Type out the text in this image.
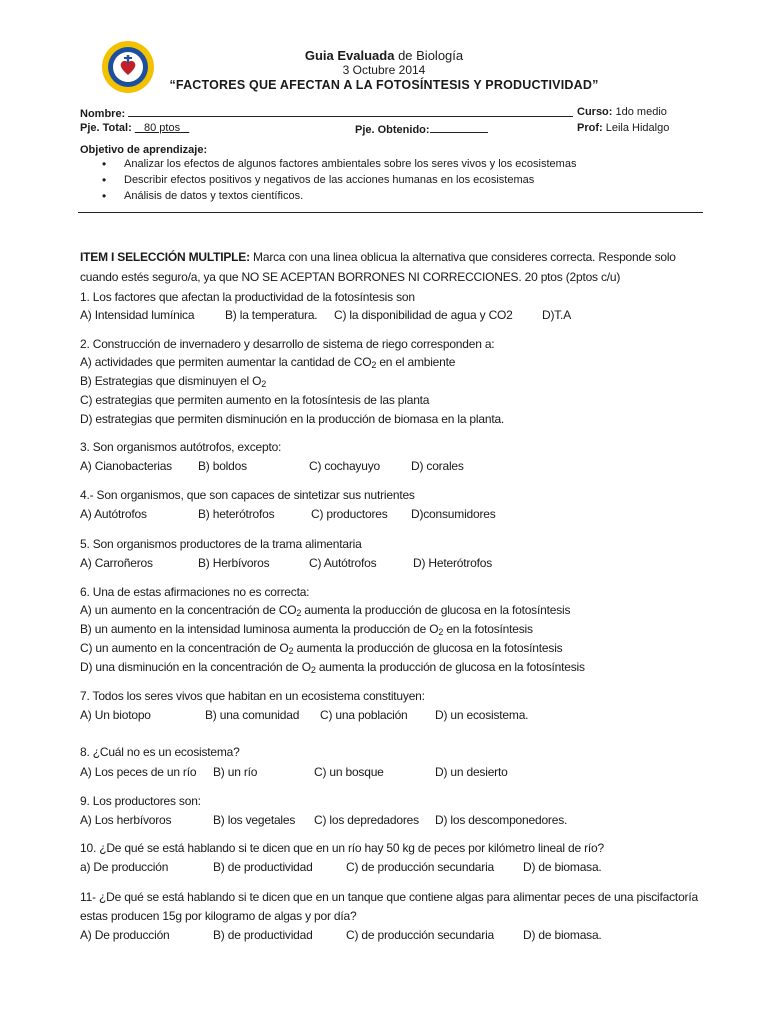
Guia Evaluada de Biología
3 Octubre 2014
“FACTORES QUE AFECTAN A LA FOTOSÍNTESIS Y PRODUCTIVIDAD”
Nombre:	Curso: 1do medio
Pje. Total: 80 ptos	Pje. Obtenido:	Prof: Leila Hidalgo
Objetivo de aprendizaje:
• Analizar los efectos de algunos factores ambientales sobre los seres vivos y los ecosistemas
• Describir efectos positivos y negativos de las acciones humanas en los ecosistemas
• Análisis de datos y textos científicos.
ITEM I SELECCIÓN MULTIPLE: Marca con una linea oblicua la alternativa que consideres correcta. Responde solo
cuando estés seguro/a, ya que NO SE ACEPTAN BORRONES NI CORRECCIONES. 20 ptos (2ptos c/u)
1. Los factores que afectan la productividad de la fotosíntesis son
A) Intensidad lumínica	B) la temperatura. C) la disponibilidad de agua y CO2 D)T.A
2. Construcción de invernadero y desarrollo de sistema de riego corresponden a:
A) actividades que permiten aumentar la cantidad de $CO_2$ en el ambiente
B) Estrategias que disminuyen el $O_2$
C) estrategias que permiten aumento en la fotosíntesis de las planta
D) estrategias que permiten disminución en la producción de biomasa en la planta.
3. Son organismos autótrofos, excepto:
A) Cianobacterias B) boldos	C) cochayuyo	D) corales
4.- Son organismos, que son capaces de sintetizar sus nutrientes
A) Autótrofos	B) heterótrofos	C) productores D)consumidores
5. Son organismos productores de la trama alimentaria
A) Carroñeros	B) Herbívoros	C) Autótrofos	D) Heterótrofos
6. Una de estas afirmaciones no es correcta:
A) un aumento en la concentración de $CO_2$ aumenta la producción de glucosa en la fotosíntesis
B) un aumento en la intensidad luminosa aumenta la producción de $O_2$ en la fotosíntesis
C) un aumento en la concentración de $O_2$ aumenta la producción de glucosa en la fotosíntesis
D) una disminución en la concentración de $O_2$ aumenta la producción de glucosa en la fotosíntesis
7. Todos los seres vivos que habitan en un ecosistema constituyen:
A) Un biotopo	B) una comunidad C) una población D) un ecosistema.
8. ¿Cuál no es un ecosistema?
A) Los peces de un río B) un río	C) un bosque	D) un desierto
9. Los productores son:
A) Los herbívoros	B) los vegetales C) los depredadores D) los descomponedores.
10. ¿De qué se está hablando si te dicen que en un río hay 50 kg de peces por kilómetro lineal de río?
a) De producción	B) de productividad	C) de producción secundaria D) de biomasa.
11- ¿De qué se está hablando si te dicen que en un tanque que contiene algas para alimentar peces de una piscifactoría
estas producen 15g por kilogramo de algas y por día?
A) De producción	B) de productividad	C) de producción secundaria D) de biomasa.
